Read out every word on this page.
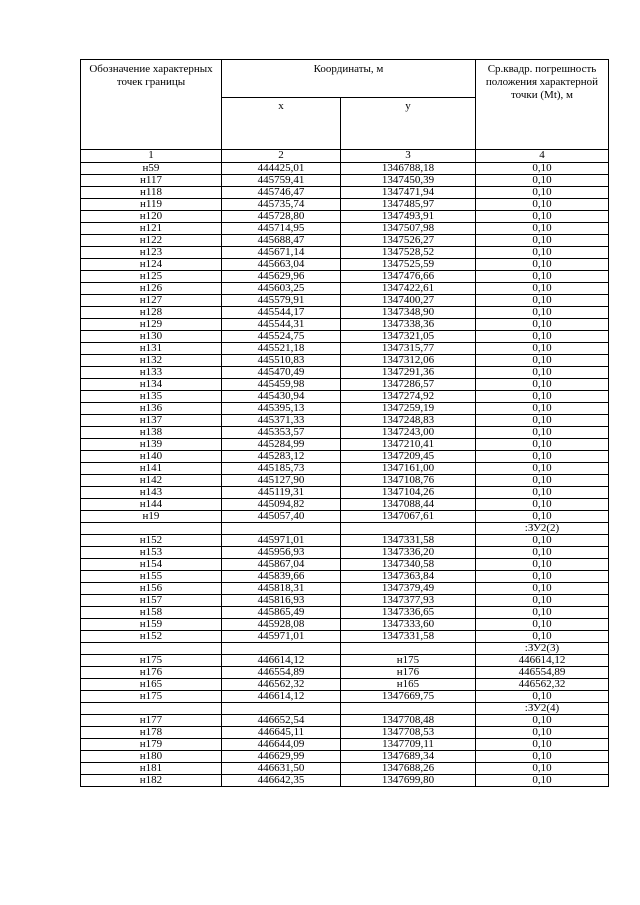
Обозначение характерных точек границы	Координаты, м		Ср.квадр. погрешность положения характерной точки (Mt), м
	x	y	
1	2	3	4
н59	444425,01	1346788,18	0,10
н117	445759,41	1347450,39	0,10
н118	445746,47	1347471,94	0,10
н119	445735,74	1347485,97	0,10
н120	445728,80	1347493,91	0,10
н121	445714,95	1347507,98	0,10
н122	445688,47	1347526,27	0,10
н123	445671,14	1347528,52	0,10
н124	445663,04	1347525,59	0,10
н125	445629,96	1347476,66	0,10
н126	445603,25	1347422,61	0,10
н127	445579,91	1347400,27	0,10
н128	445544,17	1347348,90	0,10
н129	445544,31	1347338,36	0,10
н130	445524,75	1347321,05	0,10
н131	445521,18	1347315,77	0,10
н132	445510,83	1347312,06	0,10
н133	445470,49	1347291,36	0,10
н134	445459,98	1347286,57	0,10
н135	445430,94	1347274,92	0,10
н136	445395,13	1347259,19	0,10
н137	445371,33	1347248,83	0,10
н138	445353,57	1347243,00	0,10
н139	445284,99	1347210,41	0,10
н140	445283,12	1347209,45	0,10
н141	445185,73	1347161,00	0,10
н142	445127,90	1347108,76	0,10
н143	445119,31	1347104,26	0,10
н144	445094,82	1347088,44	0,10
н19	445057,40	1347067,61	0,10
			:ЗУ2(2)
н152	445971,01	1347331,58	0,10
н153	445956,93	1347336,20	0,10
н154	445867,04	1347340,58	0,10
н155	445839,66	1347363,84	0,10
н156	445818,31	1347379,49	0,10
н157	445816,93	1347377,93	0,10
н158	445865,49	1347336,65	0,10
н159	445928,08	1347333,60	0,10
н152	445971,01	1347331,58	0,10
			:ЗУ2(3)
н175	446614,12	н175	446614,12
н176	446554,89	н176	446554,89
н165	446562,32	н165	446562,32
н175	446614,12	1347669,75	0,10
			:ЗУ2(4)
н177	446652,54	1347708,48	0,10
н178	446645,11	1347708,53	0,10
н179	446644,09	1347709,11	0,10
н180	446629,99	1347689,34	0,10
н181	446631,50	1347688,26	0,10
н182	446642,35	1347699,80	0,10
